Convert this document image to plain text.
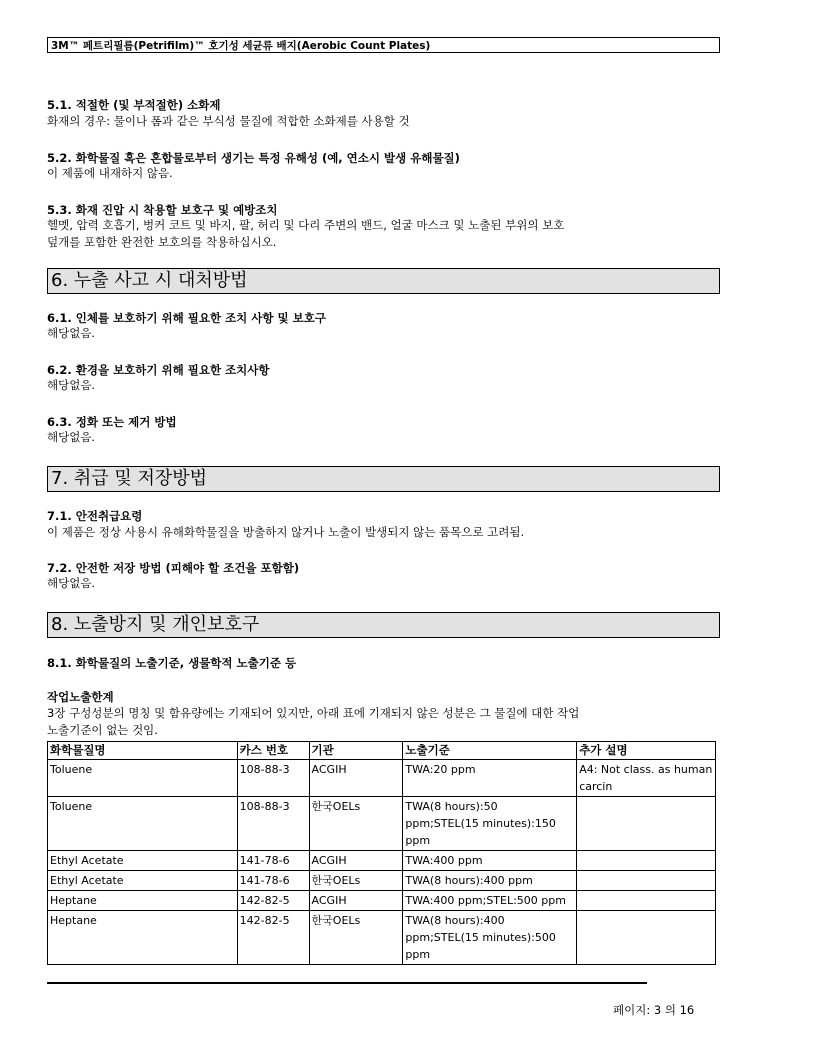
3M™ 페트리필름(Petrifilm)™ 호기성 세균류 배지(Aerobic Count Plates)
5.1. 적절한 (및 부적절한) 소화제
화재의 경우: 물이나 폼과 같은 부식성 물질에 적합한 소화제를 사용할 것
5.2. 화학물질 혹은 혼합물로부터 생기는 특정 유해성 (예, 연소시 발생 유해물질)
이 제품에 내재하지 않음.
5.3. 화재 진압 시 착용할 보호구 및 예방조치
헬멧, 압력 호흡기, 벙커 코트 및 바지, 팔, 허리 및 다리 주변의 밴드, 얼굴 마스크 및 노출된 부위의 보호
덮개를 포함한 완전한 보호의를 착용하십시오.
6. 누출 사고 시 대처방법
6.1. 인체를 보호하기 위해 필요한 조치 사항 및 보호구
해당없음.
6.2. 환경을 보호하기 위해 필요한 조치사항
해당없음.
6.3. 정화 또는 제거 방법
해당없음.
7. 취급 및 저장방법
7.1. 안전취급요령
이 제품은 정상 사용시 유해화학물질을 방출하지 않거나 노출이 발생되지 않는 품목으로 고려됨.
7.2. 안전한 저장 방법 (피해야 할 조건을 포함함)
해당없음.
8. 노출방지 및 개인보호구
8.1. 화학물질의 노출기준, 생물학적 노출기준 등
작업노출한계
3장 구성성분의 명칭 및 함유량에는 기재되어 있지만, 아래 표에 기재되지 않은 성분은 그 물질에 대한 작업
노출기준이 없는 것임.
화학물질명	카스 번호	기관	노출기준	추가 설명
Toluene	108-88-3	ACGIH	TWA:20 ppm	A4: Not class. as human carcin
Toluene	108-88-3	한국OELs	TWA(8 hours):50 ppm;STEL(15 minutes):150 ppm	
Ethyl Acetate	141-78-6	ACGIH	TWA:400 ppm	
Ethyl Acetate	141-78-6	한국OELs	TWA(8 hours):400 ppm	
Heptane	142-82-5	ACGIH	TWA:400 ppm;STEL:500 ppm	
Heptane	142-82-5	한국OELs	TWA(8 hours):400 ppm;STEL(15 minutes):500 ppm	
페이지: 3 의 16
